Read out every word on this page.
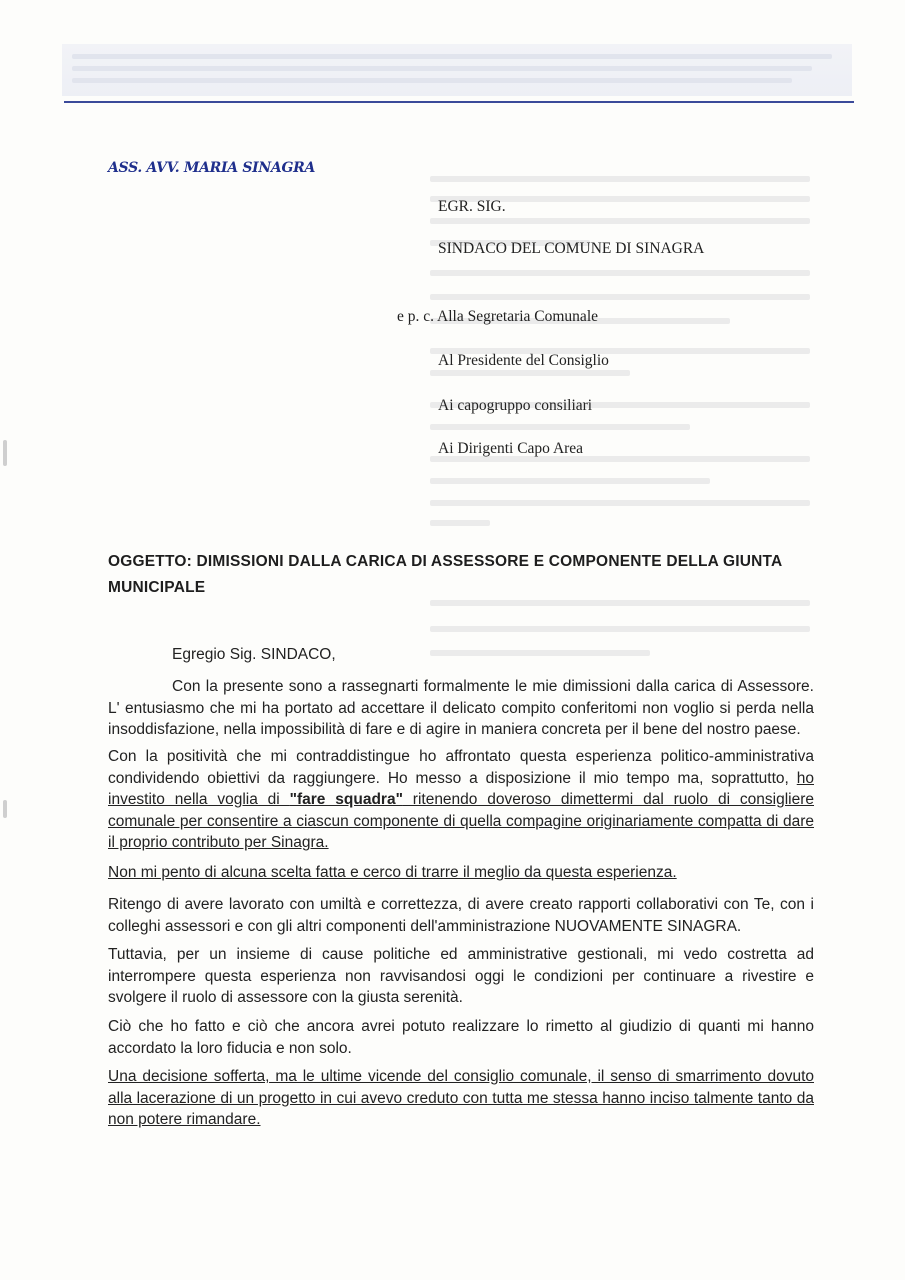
ASS. AVV. MARIA SINAGRA
EGR. SIG.
SINDACO DEL COMUNE DI SINAGRA
e p. c. Alla Segretaria Comunale
Al Presidente del Consiglio
Ai capogruppo consiliari
Ai Dirigenti Capo Area
OGGETTO: DIMISSIONI DALLA CARICA DI ASSESSORE E COMPONENTE DELLA GIUNTA MUNICIPALE
Egregio Sig. SINDACO,

Con la presente sono a rassegnarti formalmente le mie dimissioni dalla carica di Assessore. L' entusiasmo che mi ha portato ad accettare il delicato compito conferitomi non voglio si perda nella insoddisfazione, nella impossibilità di fare e di agire in maniera concreta per il bene del nostro paese.

Con la positività che mi contraddistingue ho affrontato questa esperienza politico-amministrativa condividendo obiettivi da raggiungere. Ho messo a disposizione il mio tempo ma, soprattutto, ho investito nella voglia di "fare squadra" ritenendo doveroso dimettermi dal ruolo di consigliere comunale per consentire a ciascun componente di quella compagine originariamente compatta di dare il proprio contributo per Sinagra.

Non mi pento di alcuna scelta fatta e cerco di trarre il meglio da questa esperienza.

Ritengo di avere lavorato con umiltà e correttezza, di avere creato rapporti collaborativi con Te, con i colleghi assessori e con gli altri componenti dell'amministrazione NUOVAMENTE SINAGRA.

Tuttavia, per un insieme di cause politiche ed amministrative gestionali, mi vedo costretta ad interrompere questa esperienza non ravvisandosi oggi le condizioni per continuare a rivestire e svolgere il ruolo di assessore con la giusta serenità.

Ciò che ho fatto e ciò che ancora avrei potuto realizzare lo rimetto al giudizio di quanti mi hanno accordato la loro fiducia e non solo.

Una decisione sofferta, ma le ultime vicende del consiglio comunale, il senso di smarrimento dovuto alla lacerazione di un progetto in cui avevo creduto con tutta me stessa hanno inciso talmente tanto da non potere rimandare.
